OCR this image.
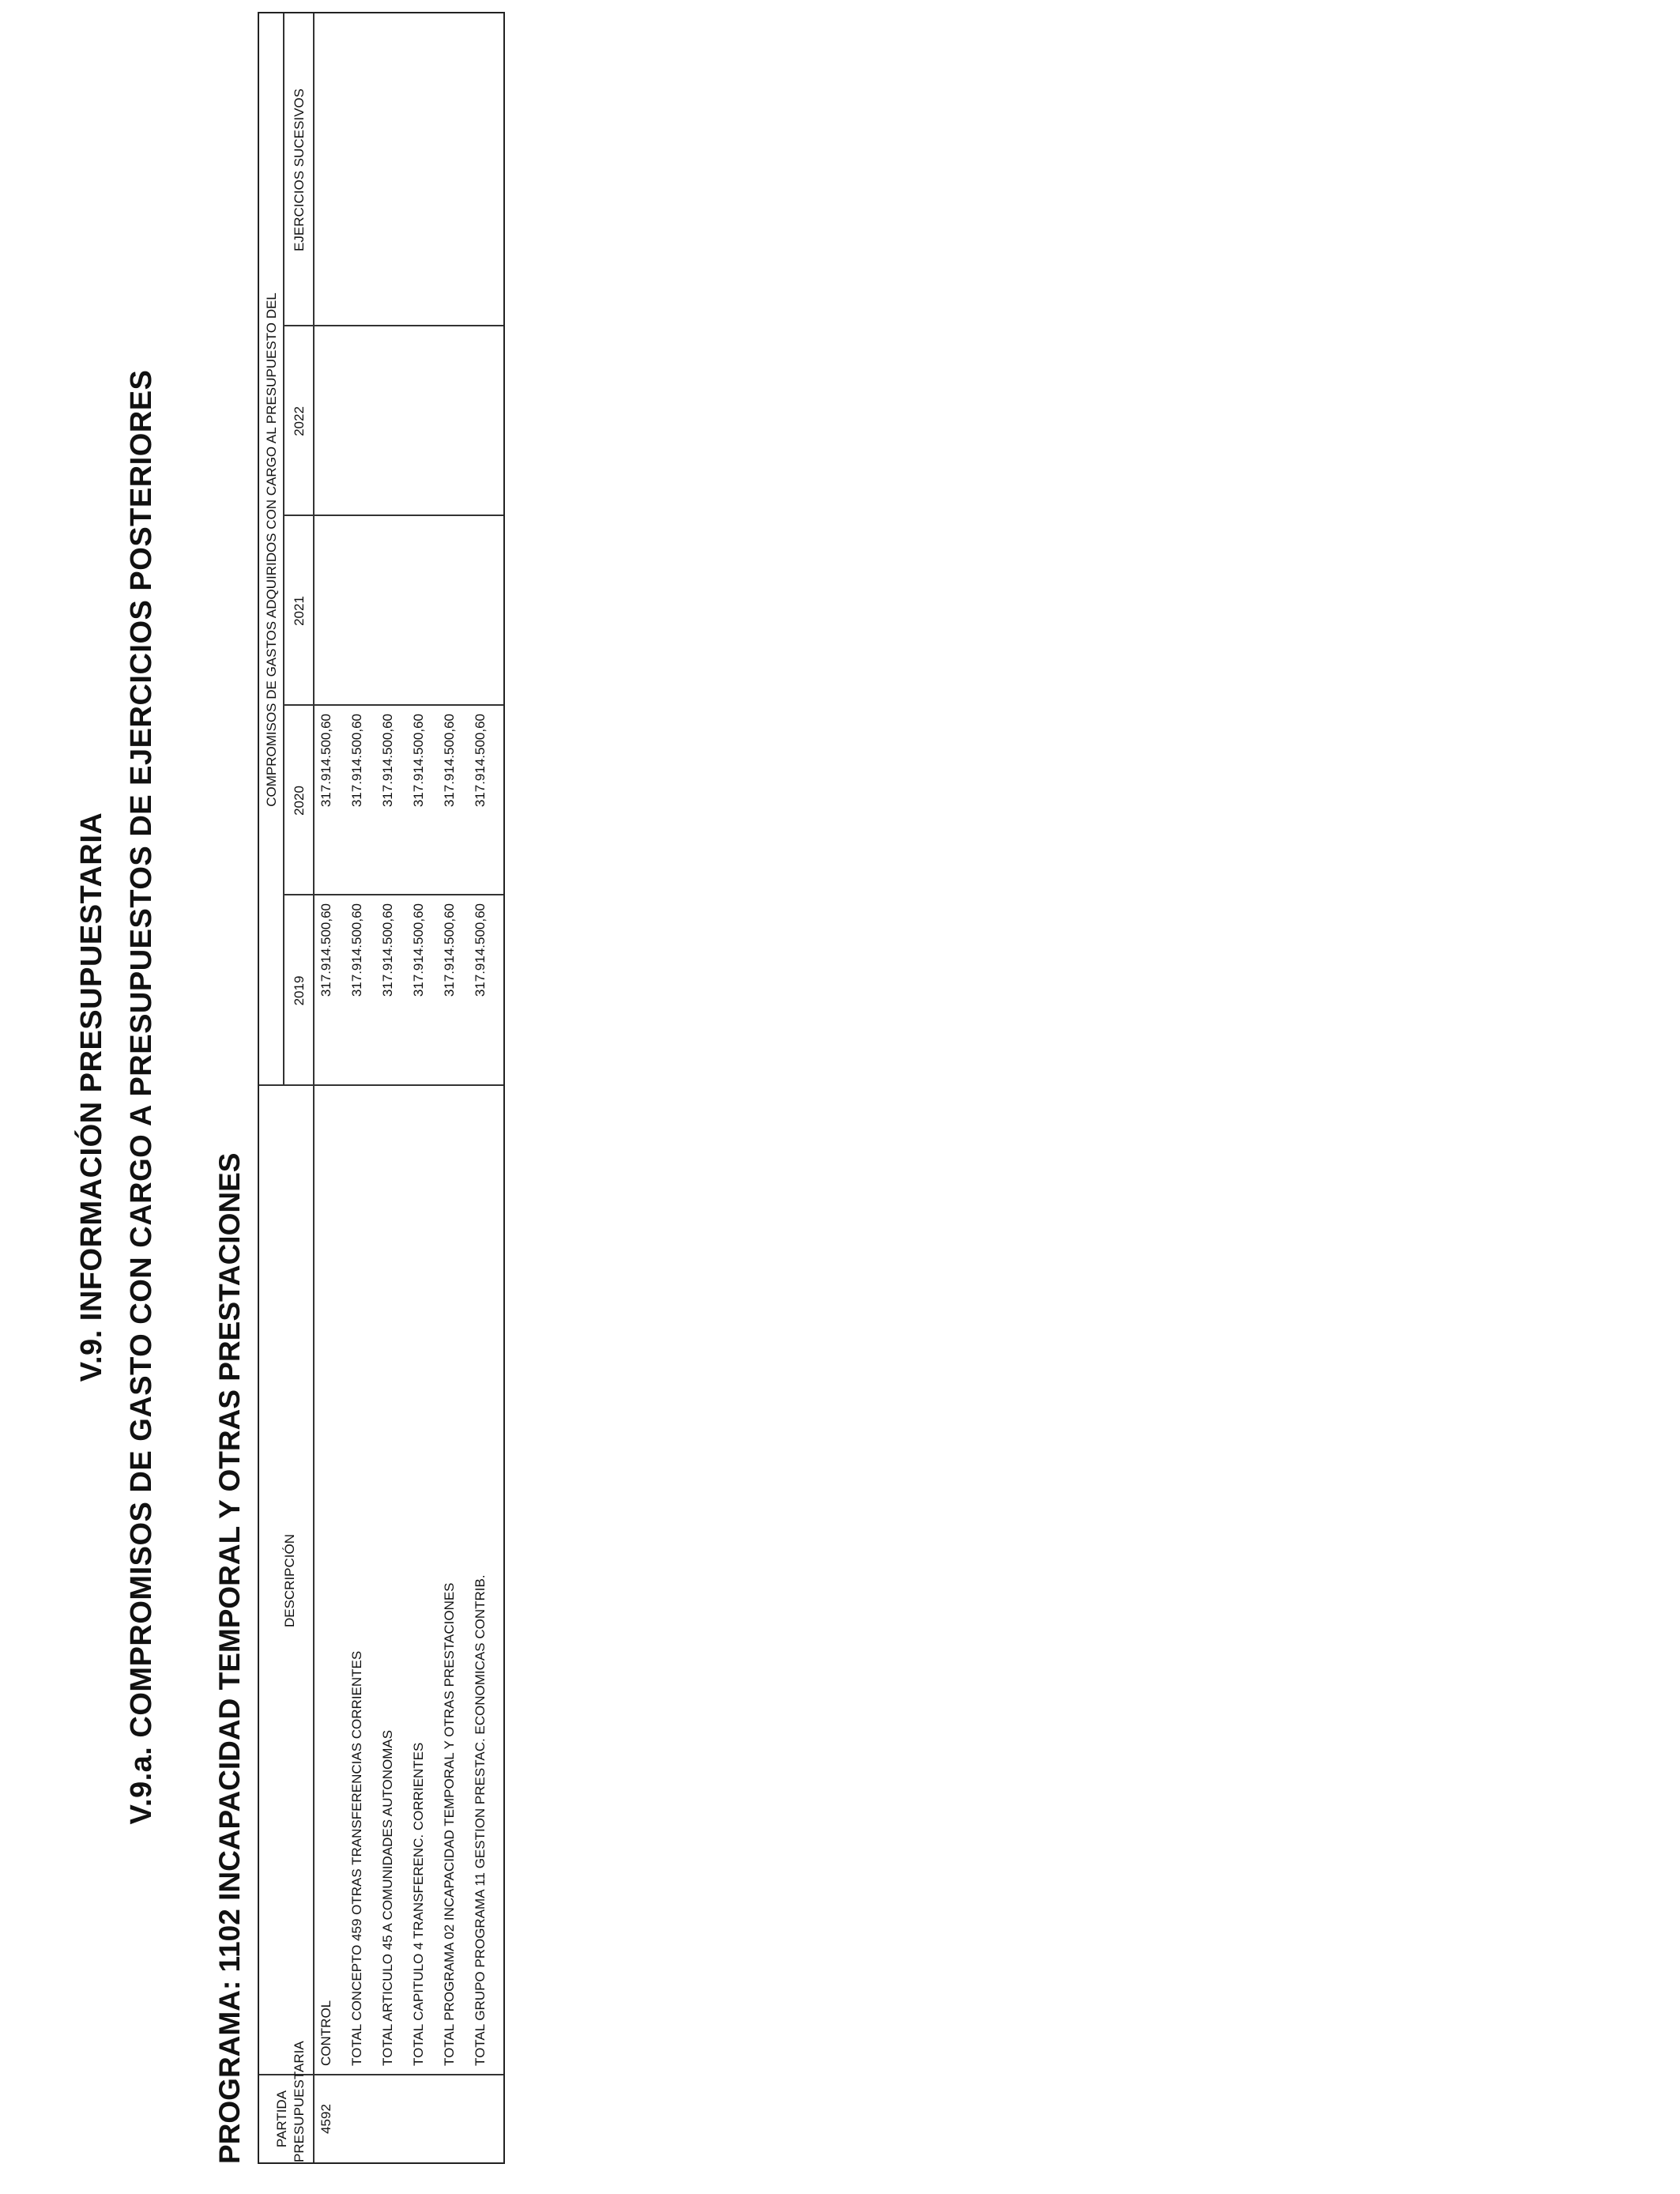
V.9. INFORMACIÓN PRESUPUESTARIA V.9.a. COMPROMISOS DE GASTO CON CARGO A PRESUPUESTOS DE EJERCICIOS POSTERIORES PROGRAMA: 1102 INCAPACIDAD TEMPORAL Y OTRAS PRESTACIONES PARTIDA PRESUPUESTARIA
DESCRIPCIÓN
COMPROMISOS DE GASTOS ADQUIRIDOS CON CARGO AL PRESUPUESTO DEL
2019
2020
2021
2022
EJERCICIOS SUCESIVOS
4592
CONTROL
317.914.500,60
317.914.500,60
TOTAL CONCEPTO 459 OTRAS TRANSFERENCIAS CORRIENTES
317.914.500,60
317.914.500,60
TOTAL ARTICULO 45 A COMUNIDADES AUTONOMAS
317.914.500,60
317.914.500,60
TOTAL CAPITULO 4 TRANSFERENC. CORRIENTES
317.914.500,60
317.914.500,60
TOTAL PROGRAMA 02 INCAPACIDAD TEMPORAL Y OTRAS PRESTACIONES
317.914.500,60
317.914.500,60
TOTAL GRUPO PROGRAMA 11 GESTION PRESTAC. ECONOMICAS CONTRIB.
317.914.500,60
317.914.500,60
